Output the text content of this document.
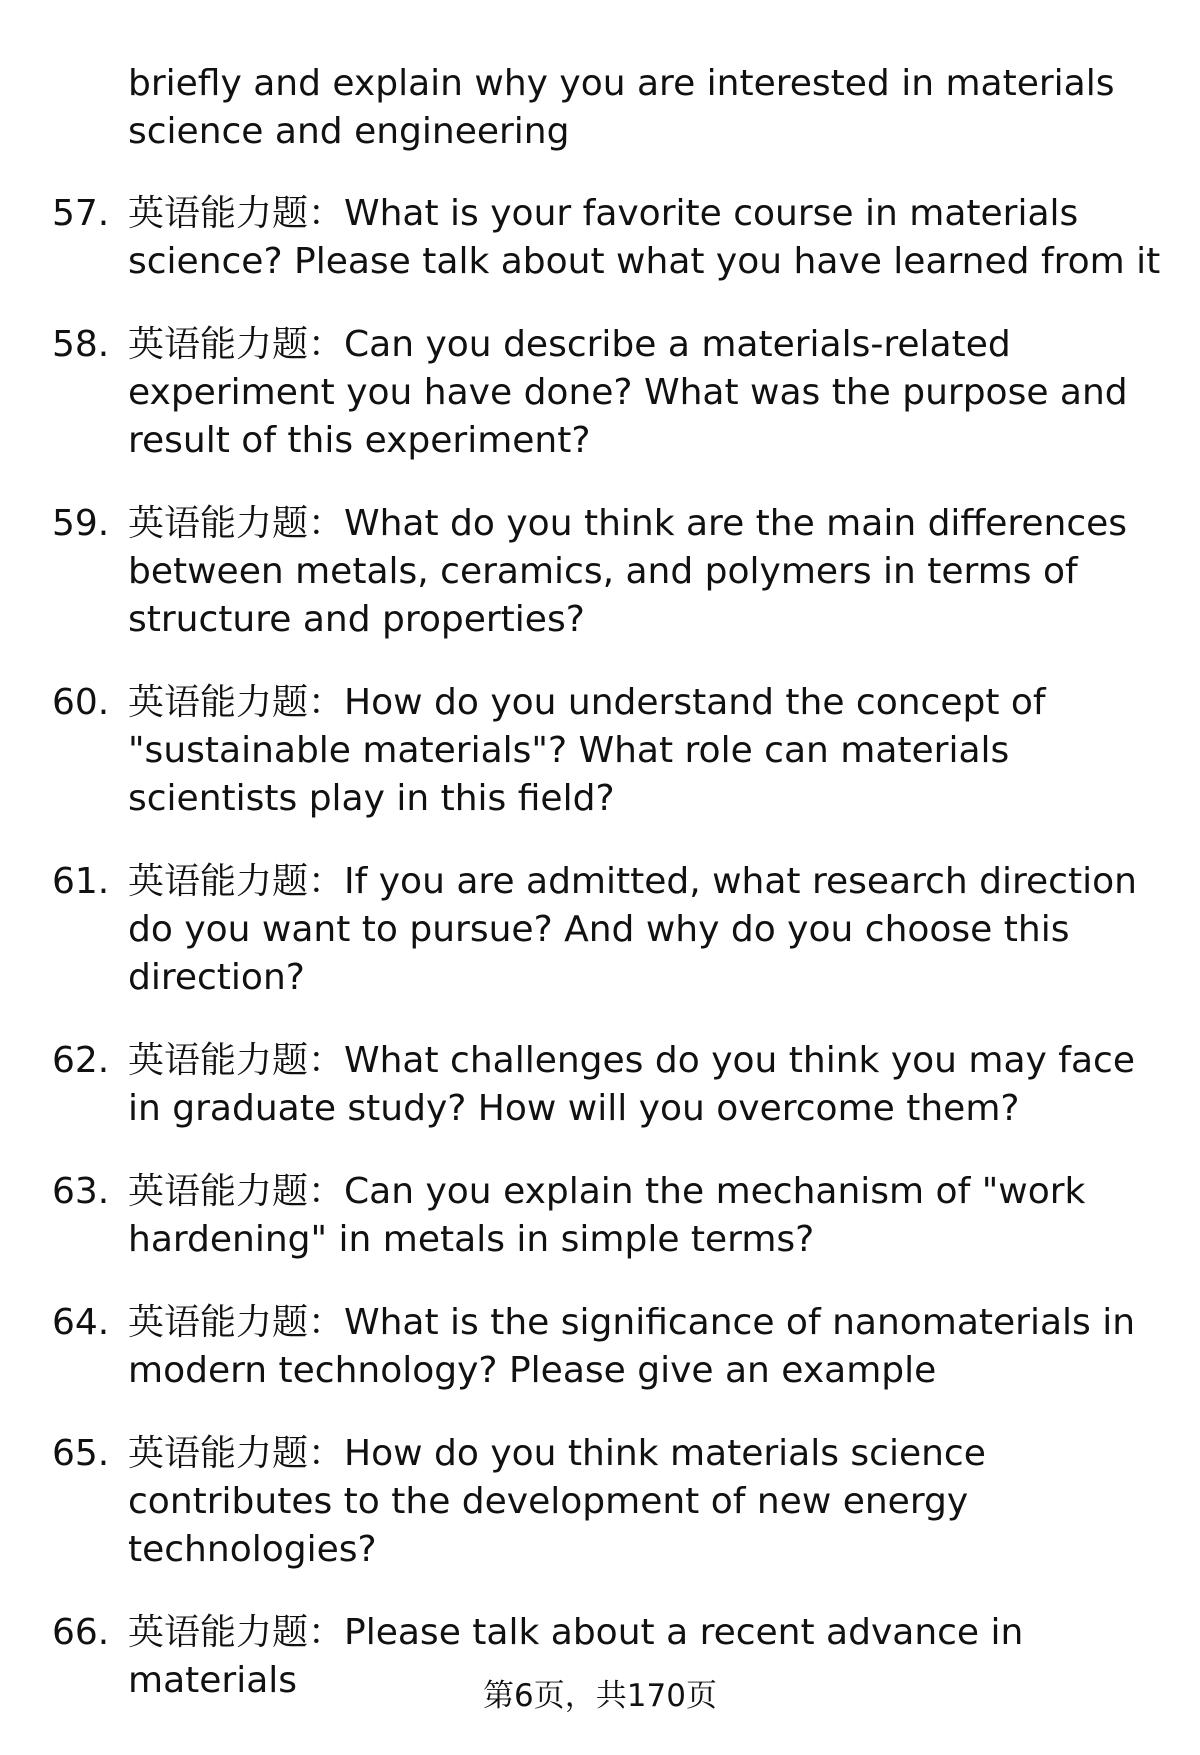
briefly and explain why you are interested in materials science and engineering
57. 英语能力题：What is your favorite course in materials science? Please talk about what you have learned from it
58. 英语能力题：Can you describe a materials-related experiment you have done? What was the purpose and result of this experiment?
59. 英语能力题：What do you think are the main differences between metals, ceramics, and polymers in terms of structure and properties?
60. 英语能力题：How do you understand the concept of "sustainable materials"? What role can materials scientists play in this field?
61. 英语能力题：If you are admitted, what research direction do you want to pursue? And why do you choose this direction?
62. 英语能力题：What challenges do you think you may face in graduate study? How will you overcome them?
63. 英语能力题：Can you explain the mechanism of "work hardening" in metals in simple terms?
64. 英语能力题：What is the significance of nanomaterials in modern technology? Please give an example
65. 英语能力题：How do you think materials science contributes to the development of new energy technologies?
66. 英语能力题：Please talk about a recent advance in materials	第6页，共170页
